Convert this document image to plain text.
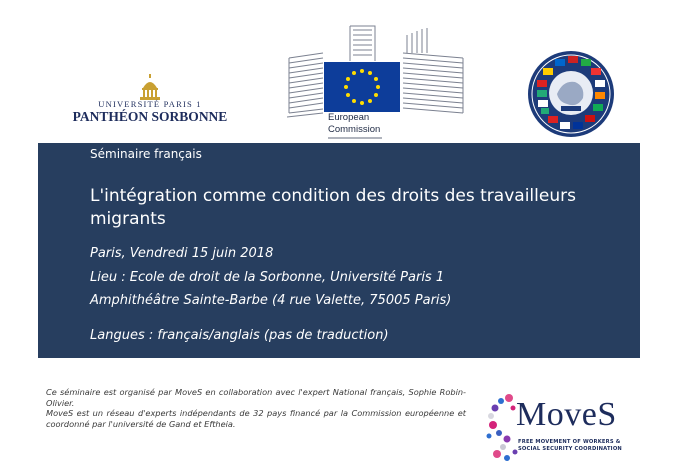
UNIVERSITÉ PARIS 1
PANTHÉON SORBONNE	European
Commission
Séminaire français
L'intégration comme condition des droits des travailleurs migrants
Paris, Vendredi 15 juin 2018
Lieu : Ecole de droit de la Sorbonne, Université Paris 1
Amphithéâtre Sainte-Barbe (4 rue Valette, 75005 Paris)
Langues : français/anglais (pas de traduction)

Ce séminaire est organisé par MoveS en collaboration avec l'expert National français, Sophie Robin-Olivier.

MoveS est un réseau d'experts indépendants de 32 pays financé par la Commission européenne et coordonné par l'université de Gand et Eftheia.	MoveS
FREE MOVEMENT OF WORKERS &
SOCIAL SECURITY COORDINATION
